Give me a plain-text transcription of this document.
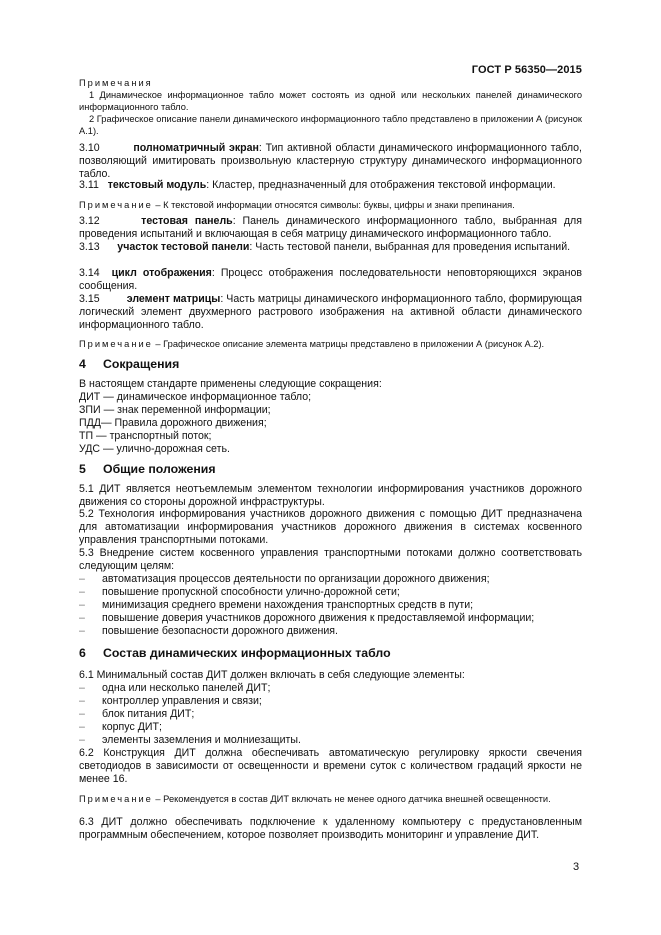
ГОСТ Р 56350—2015
Примечания
1 Динамическое информационное табло может состоять из одной или нескольких панелей динамического информационного табло.
2 Графическое описание панели динамического информационного табло представлено в приложении А (рисунок А.1).
3.10	полноматричный экран: Тип активной области динамического информационного табло, позволяющий имитировать произвольную кластерную структуру динамического информационного табло.
3.11 текстовый модуль: Кластер, предназначенный для отображения текстовой информации.
Примечание – К текстовой информации относятся символы: буквы, цифры и знаки препинания.
3.12	тестовая панель: Панель динамического информационного табло, выбранная для проведения испытаний и включающая в себя матрицу динамического информационного табло.
3.13 участок тестовой панели: Часть тестовой панели, выбранная для проведения испытаний.
3.14 цикл отображения: Процесс отображения последовательности неповторяющихся экранов сообщения.
3.15	элемент матрицы: Часть матрицы динамического информационного табло, формирующая логический элемент двухмерного растрового изображения на активной области динамического информационного табло.
Примечание – Графическое описание элемента матрицы представлено в приложении А (рисунок А.2).
4 Сокращения
В настоящем стандарте применены следующие сокращения:
ДИТ — динамическое информационное табло;
ЗПИ — знак переменной информации;
ПДД— Правила дорожного движения;
ТП — транспортный поток;
УДС — улично-дорожная сеть.
5 Общие положения
5.1 ДИТ является неотъемлемым элементом технологии информирования участников дорожного движения со стороны дорожной инфраструктуры.
5.2 Технология информирования участников дорожного движения с помощью ДИТ предназначена для автоматизации информирования участников дорожного движения в системах косвенного управления транспортными потоками.
5.3 Внедрение систем косвенного управления транспортными потоками должно соответствовать следующим целям:
– автоматизация процессов деятельности по организации дорожного движения;
– повышение пропускной способности улично-дорожной сети;
– минимизация среднего времени нахождения транспортных средств в пути;
– повышение доверия участников дорожного движения к предоставляемой информации;
– повышение безопасности дорожного движения.
6 Состав динамических информационных табло
6.1 Минимальный состав ДИТ должен включать в себя следующие элементы:
– одна или несколько панелей ДИТ;
– контроллер управления и связи;
– блок питания ДИТ;
– корпус ДИТ;
– элементы заземления и молниезащиты.
6.2 Конструкция ДИТ должна обеспечивать автоматическую регулировку яркости свечения светодиодов в зависимости от освещенности и времени суток с количеством градаций яркости не менее 16.
Примечание – Рекомендуется в состав ДИТ включать не менее одного датчика внешней освещенности.
6.3 ДИТ должно обеспечивать подключение к удаленному компьютеру с предустановленным программным обеспечением, которое позволяет производить мониторинг и управление ДИТ.
3
